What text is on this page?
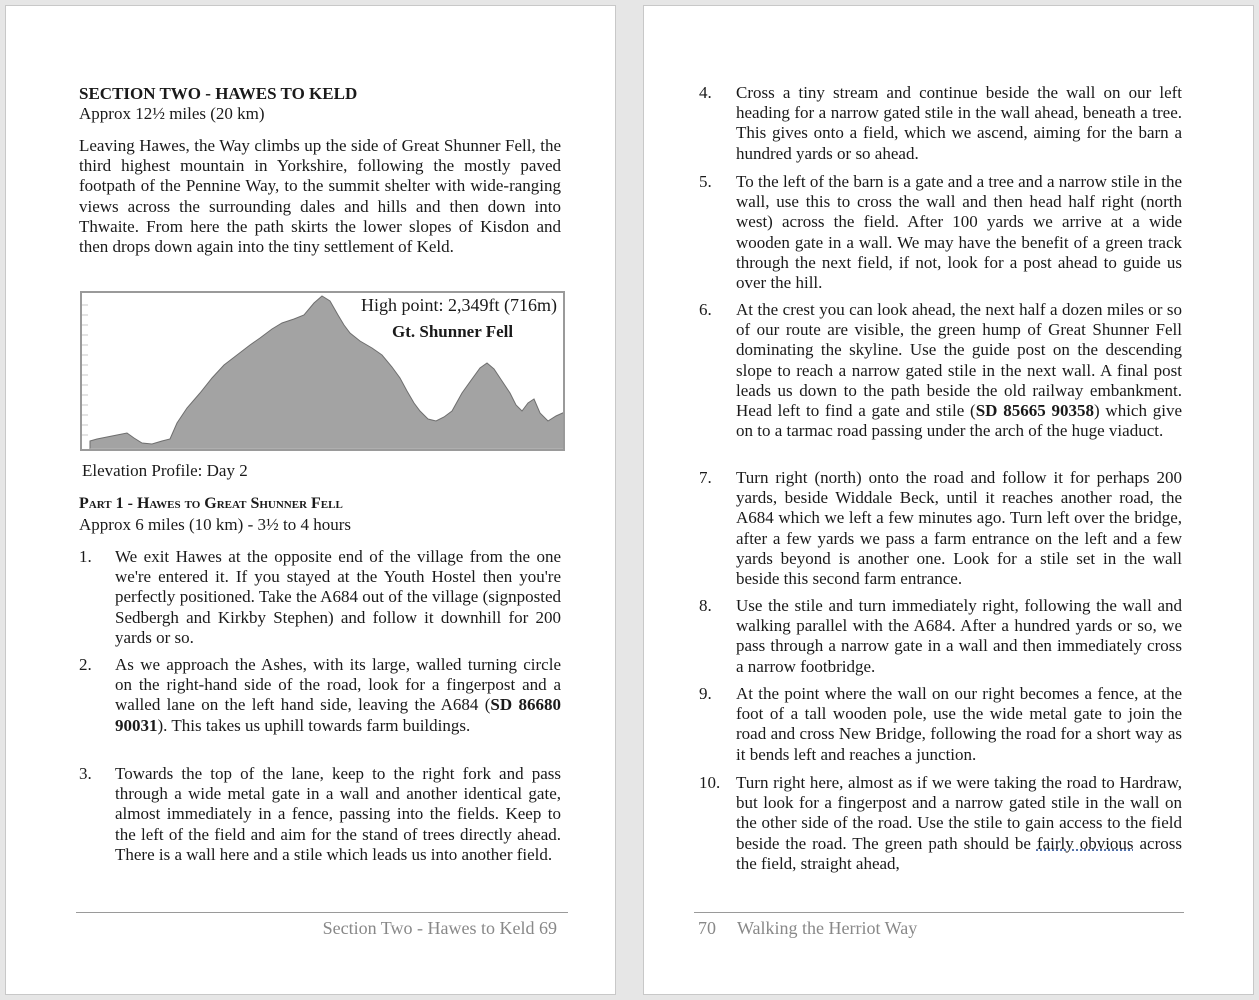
SECTION TWO - HAWES TO KELD
Approx 12½ miles (20 km)
Leaving Hawes, the Way climbs up the side of Great Shunner Fell, the third highest mountain in Yorkshire, following the mostly paved footpath of the Pennine Way, to the summit shelter with wide-ranging views across the surrounding dales and hills and then down into Thwaite. From here the path skirts the lower slopes of Kisdon and then drops down again into the tiny settlement of Keld.
High point: 2,349ft (716m)
Gt. Shunner Fell
Elevation Profile: Day 2
Part 1 - Hawes to Great Shunner Fell
Approx 6 miles (10 km) - 3½ to 4 hours
1. We exit Hawes at the opposite end of the village from the one we're entered it. If you stayed at the Youth Hostel then you're perfectly positioned. Take the A684 out of the village (signposted Sedbergh and Kirkby Stephen) and follow it downhill for 200 yards or so.
2. As we approach the Ashes, with its large, walled turning circle on the right-hand side of the road, look for a fingerpost and a walled lane on the left hand side, leaving the A684 (SD 86680 90031). This takes us uphill towards farm buildings.
3. Towards the top of the lane, keep to the right fork and pass through a wide metal gate in a wall and another identical gate, almost immediately in a fence, passing into the fields. Keep to the left of the field and aim for the stand of trees directly ahead. There is a wall here and a stile which leads us into another field.
Section Two - Hawes to Keld 69
4. Cross a tiny stream and continue beside the wall on our left heading for a narrow gated stile in the wall ahead, beneath a tree. This gives onto a field, which we ascend, aiming for the barn a hundred yards or so ahead.
5. To the left of the barn is a gate and a tree and a narrow stile in the wall, use this to cross the wall and then head half right (north west) across the field. After 100 yards we arrive at a wide wooden gate in a wall. We may have the benefit of a green track through the next field, if not, look for a post ahead to guide us over the hill.
6. At the crest you can look ahead, the next half a dozen miles or so of our route are visible, the green hump of Great Shunner Fell dominating the skyline. Use the guide post on the descending slope to reach a narrow gated stile in the next wall. A final post leads us down to the path beside the old railway embankment. Head left to find a gate and stile (SD 85665 90358) which give on to a tarmac road passing under the arch of the huge viaduct.
7. Turn right (north) onto the road and follow it for perhaps 200 yards, beside Widdale Beck, until it reaches another road, the A684 which we left a few minutes ago. Turn left over the bridge, after a few yards we pass a farm entrance on the left and a few yards beyond is another one. Look for a stile set in the wall beside this second farm entrance.
8. Use the stile and turn immediately right, following the wall and walking parallel with the A684. After a hundred yards or so, we pass through a narrow gate in a wall and then immediately cross a narrow footbridge.
9. At the point where the wall on our right becomes a fence, at the foot of a tall wooden pole, use the wide metal gate to join the road and cross New Bridge, following the road for a short way as it bends left and reaches a junction.
10. Turn right here, almost as if we were taking the road to Hardraw, but look for a fingerpost and a narrow gated stile in the wall on the other side of the road. Use the stile to gain access to the field beside the road. The green path should be fairly obvious across the field, straight ahead,
70 Walking the Herriot Way
